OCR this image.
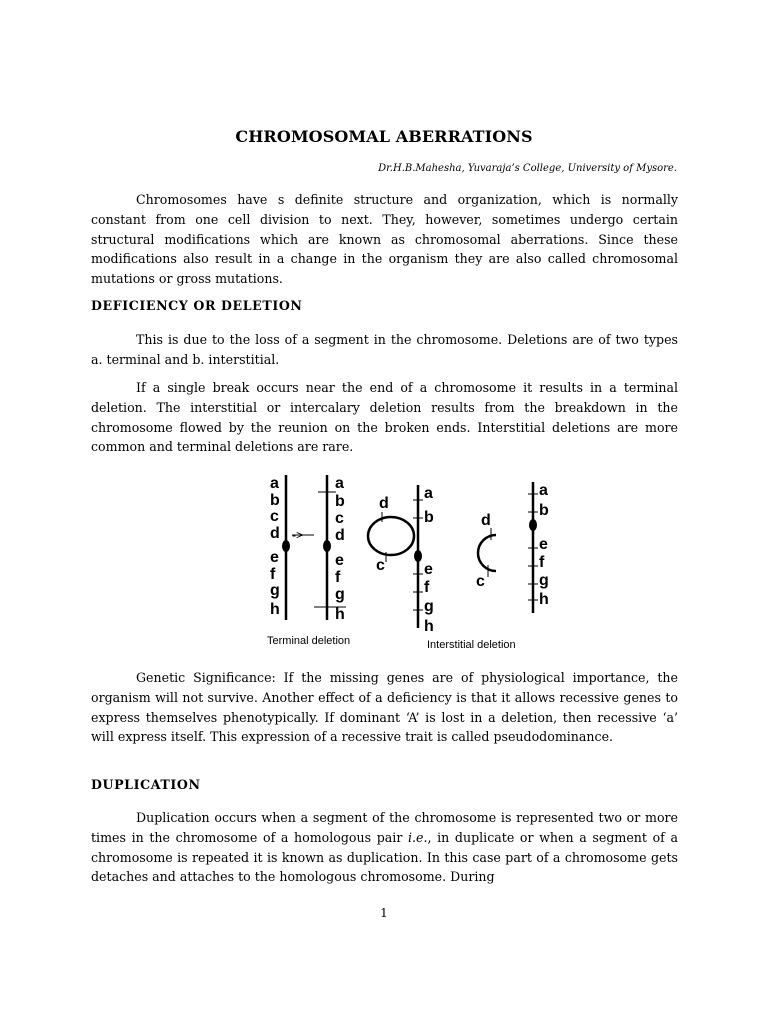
CHROMOSOMAL ABERRATIONS
Dr.H.B.Mahesha, Yuvaraja’s College, University of Mysore.

Chromosomes have s definite structure and organization, which is normally constant from one cell division to next. They, however, sometimes undergo certain structural modifications which are known as chromosomal aberrations. Since these modifications also result in a change in the organism they are also called chromosomal mutations or gross mutations.

DEFICIENCY OR DELETION

This is due to the loss of a segment in the chromosome. Deletions are of two types a. terminal and b. interstitial.

If a single break occurs near the end of a chromosome it results in a terminal deletion. The interstitial or intercalary deletion results from the breakdown in the chromosome flowed by the reunion on the broken ends. Interstitial deletions are more common and terminal deletions are rare.

a
b
c
d
e
f
g
h
->
a
b
c
d
e
f
g
h
Terminal deletion
d
c
a
b
e
f
g
h
Interstitial deletion
d
c
a
b
e
f
g
h

Genetic Significance: If the missing genes are of physiological importance, the organism will not survive. Another effect of a deficiency is that it allows recessive genes to express themselves phenotypically. If dominant ‘A’ is lost in a deletion, then recessive ‘a’ will express itself. This expression of a recessive trait is called pseudodominance.

DUPLICATION

Duplication occurs when a segment of the chromosome is represented two or more times in the chromosome of a homologous pair i.e., in duplicate or when a segment of a chromosome is repeated it is known as duplication. In this case part of a chromosome gets detaches and attaches to the homologous chromosome. During

1
